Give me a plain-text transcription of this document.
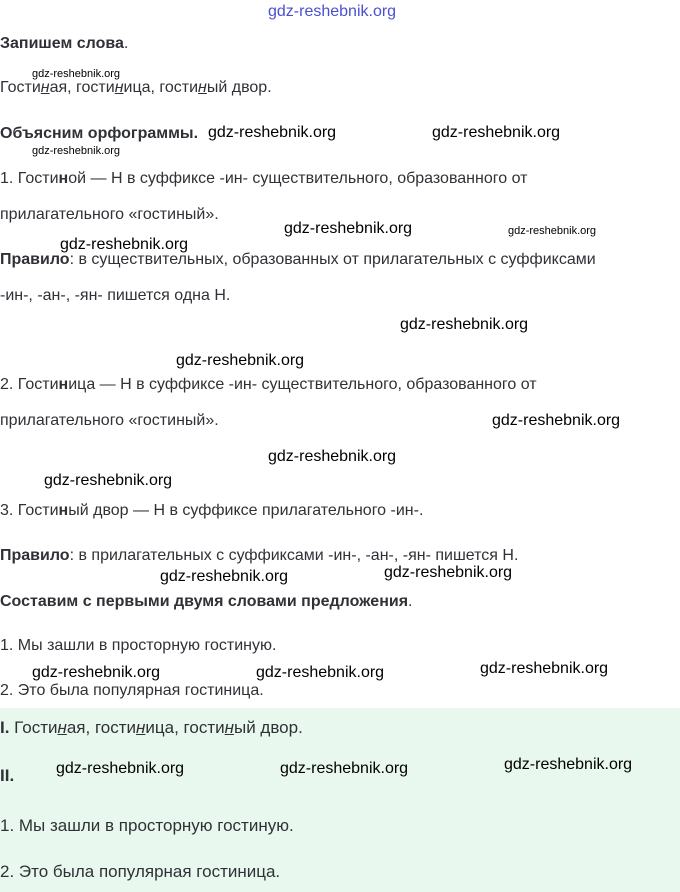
gdz-reshebnik.org
gdz-reshebnik.org
gdz-reshebnik.org
gdz-reshebnik.org	gdz-reshebnik.org
gdz-reshebnik.org	gdz-reshebnik.org
gdz-reshebnik.org
gdz-reshebnik.org
gdz-reshebnik.org
gdz-reshebnik.org
gdz-reshebnik.org
gdz-reshebnik.org
gdz-reshebnik.org	gdz-reshebnik.org
gdz-reshebnik.org	gdz-reshebnik.org	gdz-reshebnik.org
Запишем слова.
Гостиная, гостиница, гостиный двор.
Объясним орфограммы.
1. Гостиной — Н в суффиксе -ин- существительного, образованного от
прилагательного «гостиный».
Правило: в существительных, образованных от прилагательных с суффиксами
-ин-, -ан-, -ян- пишется одна Н.
2. Гостиница — Н в суффиксе -ин- существительного, образованного от
прилагательного «гостиный».
3. Гостиный двор — Н в суффиксе прилагательного -ин-.
Правило: в прилагательных с суффиксами -ин-, -ан-, -ян- пишется Н.
Составим с первыми двумя словами предложения.
1. Мы зашли в просторную гостиную.
2. Это была популярная гостиница.
I. Гостиная, гостиница, гостиный двор.
II.
1. Мы зашли в просторную гостиную.
2. Это была популярная гостиница.
gdz-reshebnik.org	gdz-reshebnik.org	gdz-reshebnik.org
